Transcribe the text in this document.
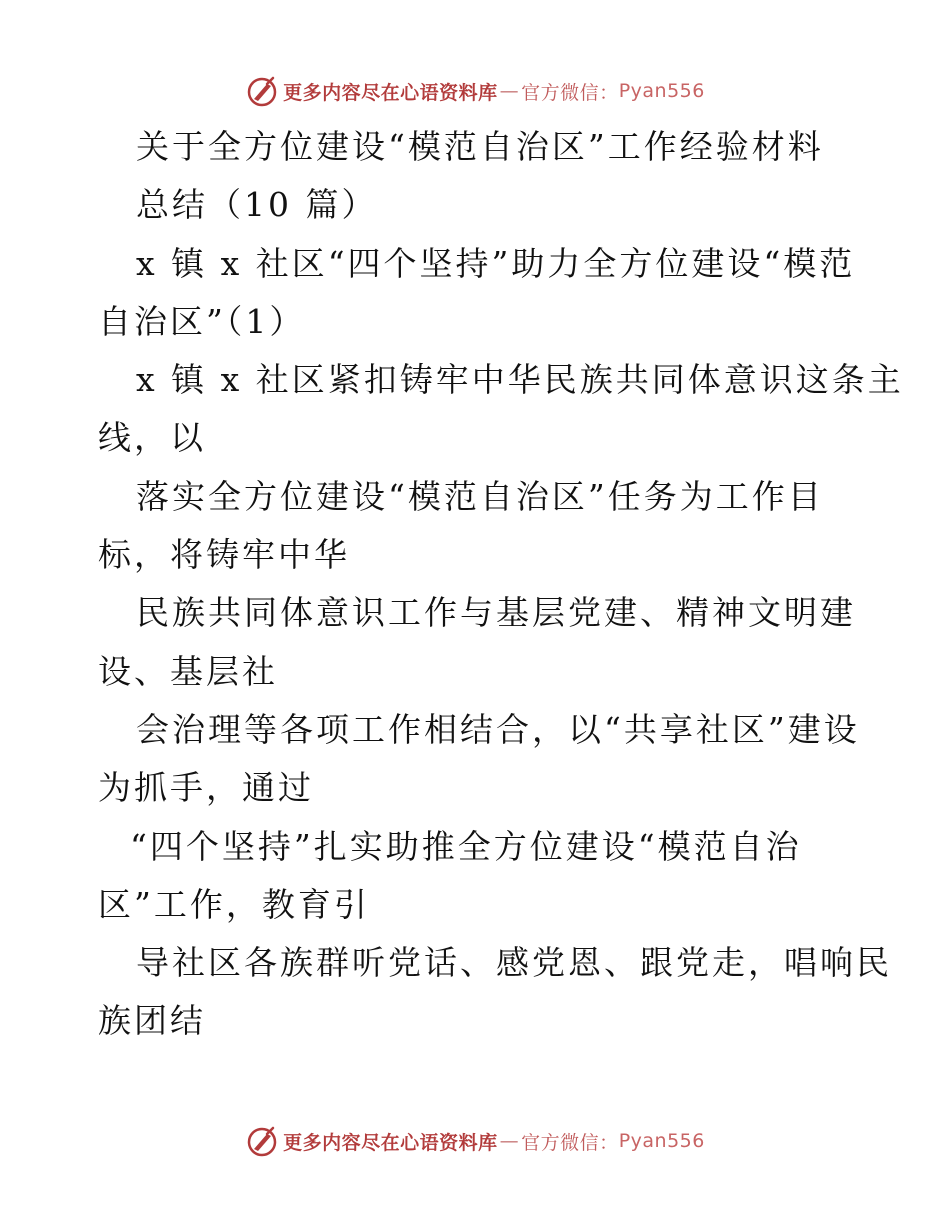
更多内容尽在心语资料库 — 官方微信： Pyan556
关于全方位建设“模范自治区”工作经验材料
总结（10 篇）
x 镇 x 社区“四个坚持”助力全方位建设“模范
自治区”（1）
x 镇 x 社区紧扣铸牢中华民族共同体意识这条主
线，以
落实全方位建设“模范自治区”任务为工作目
标，将铸牢中华
民族共同体意识工作与基层党建、精神文明建
设、基层社
会治理等各项工作相结合，以“共享社区”建设
为抓手，通过
“四个坚持”扎实助推全方位建设“模范自治
区”工作，教育引
导社区各族群听党话、感党恩、跟党走，唱响民
族团结
更多内容尽在心语资料库 — 官方微信： Pyan556
